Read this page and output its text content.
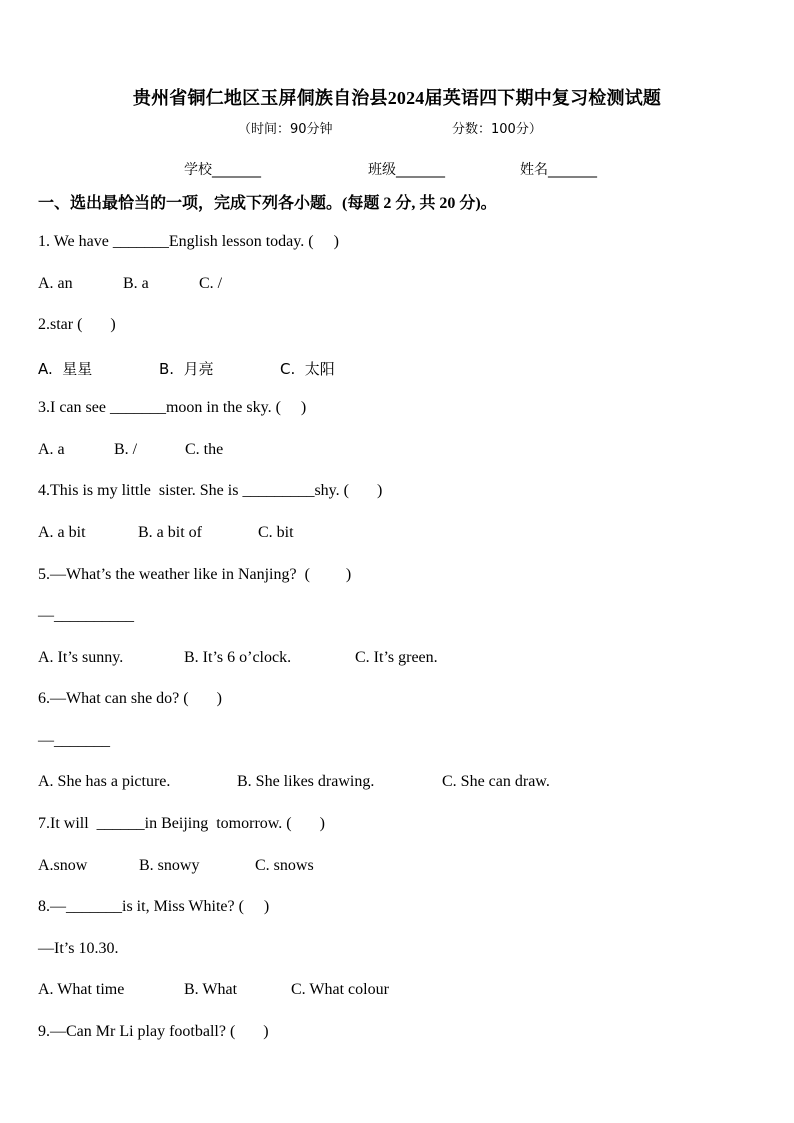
贵州省铜仁地区玉屏侗族自治县2024届英语四下期中复习检测试题
（时间：90分钟	分数：100分）
学校_______	班级_______	姓名_______
一、选出最恰当的一项，完成下列各小题。(每题 2 分, 共 20 分)。
1. We have _______English lesson today. (     )

A. an

	B. a

	C. /

2.star (       )

A.  星星

	B.  月亮

	C.  太阳

3.I can see _______moon in the sky. (     )

A. a

	B. /

	C. the

4.This is my little  sister. She is _________shy. (       )

A. a bit

	B. a bit of

	C. bit

5.—What’s the weather like in Nanjing?  (         )
—__________

A. It’s sunny.

	B. It’s 6 o’clock.

	C. It’s green.

6.—What can she do? (       )
—_______

A. She has a picture.

	B. She likes drawing.

	C. She can draw.

7.It will  ______in Beijing  tomorrow. (       )

A.snow

	B. snowy

	C. snows

8.—_______is it, Miss White? (     )
—It’s 10.30.

A. What time

	B. What

	C. What colour

9.—Can Mr Li play football? (       )
